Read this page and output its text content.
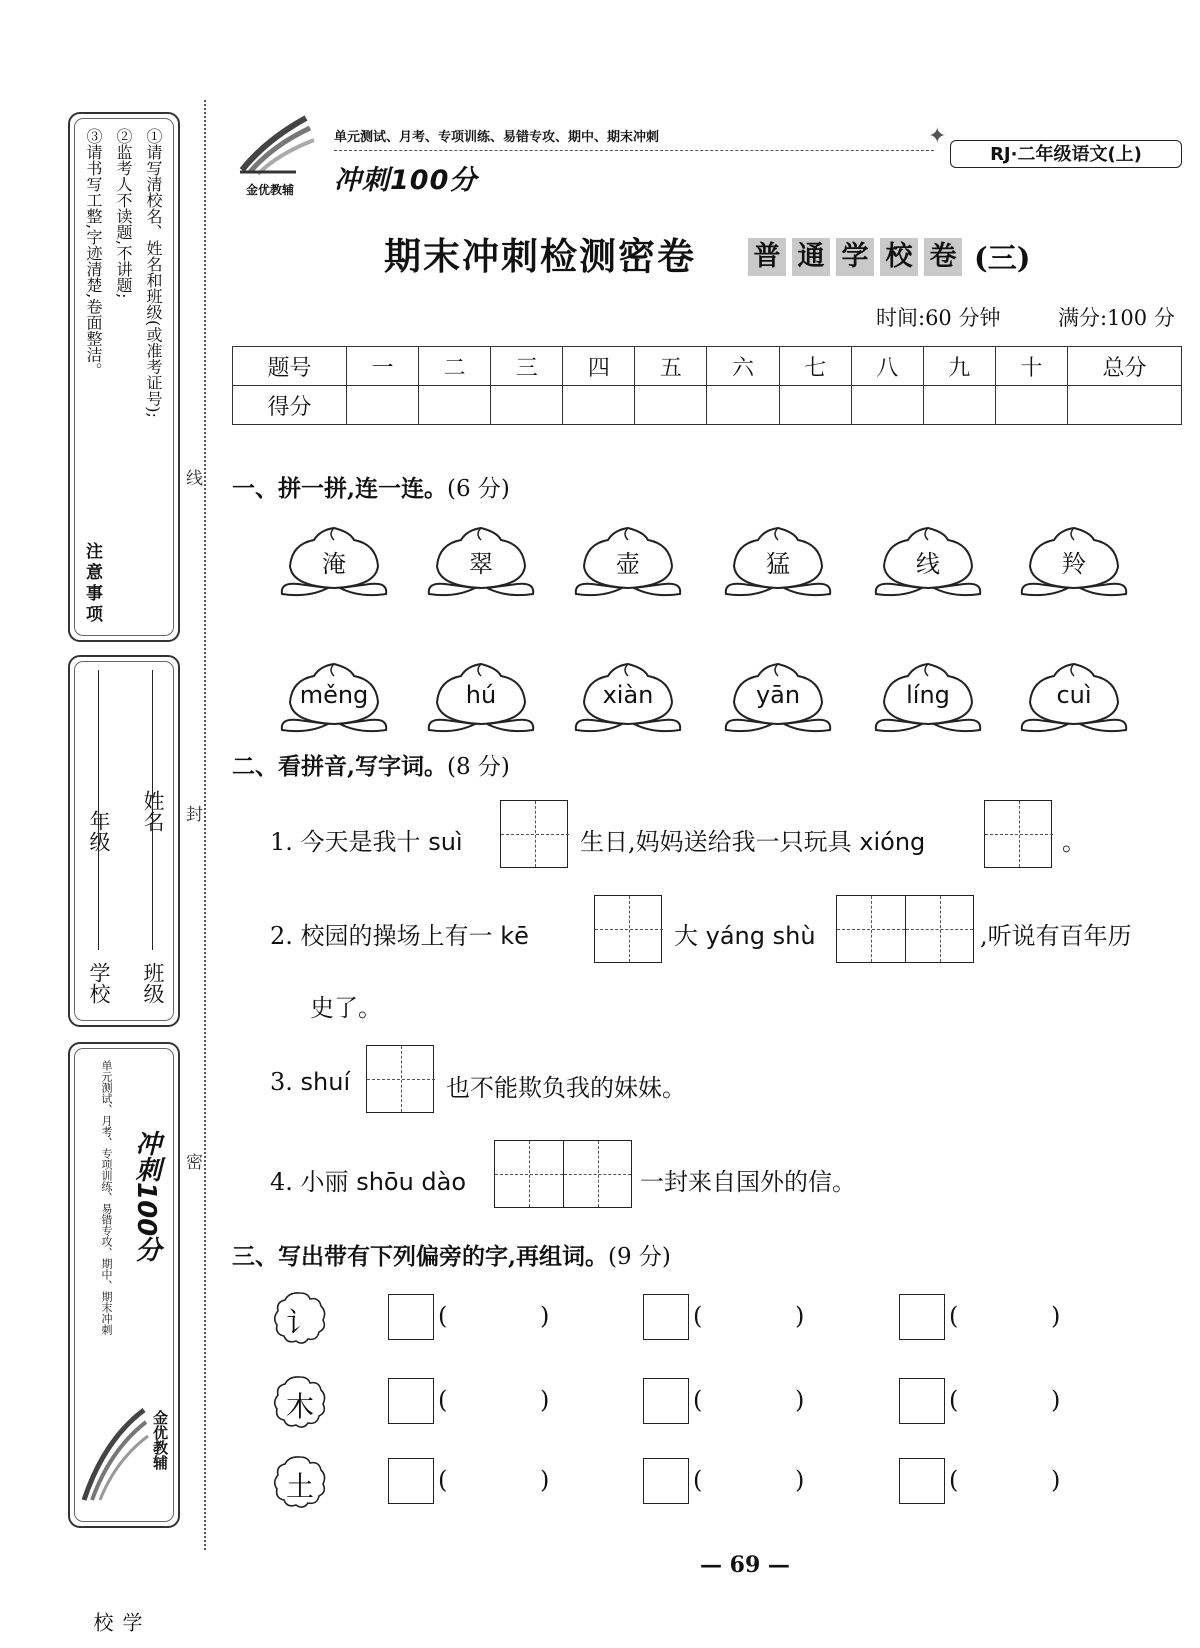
①请写清校名、姓名和班级(或准考证号);
②监考人不读题,不讲题;
③请书写工整,字迹清楚,卷面整洁。
注意事项
学校
学校
年级
班级
姓名
单元测试、月考、专项训练、易错专攻、期中、期末冲刺 冲刺100分
金优教辅
线
封
密
金优教辅
单元测试、月考、专项训练、易错专攻、期中、期末冲刺	✦
冲刺100分
RJ·二年级语文(上)
期末冲刺检测密卷 普 通 学 校 卷 (三)
时间:60 分钟	满分:100 分
题号	一	二	三	四	五	六	七	八	九	十	总分
得分											
一、拼一拼,连一连。(6 分)
淹	翠	壶	猛	线	羚
měng	hú	xiàn	yān	líng	cuì
二、看拼音,写字词。(8 分)
1. 今天是我十 suì	生日,妈妈送给我一只玩具 xióng	。
2. 校园的操场上有一 kē	大 yáng shù	,听说有百年历
史了。
3. shuí	也不能欺负我的妹妹。
4. 小丽 shōu dào	一封来自国外的信。
三、写出带有下列偏旁的字,再组词。(9 分)
讠	(	)	(	)	(	)
木	(	)	(	)	(	)
土	(	)	(	)	(	)
— 69 —
